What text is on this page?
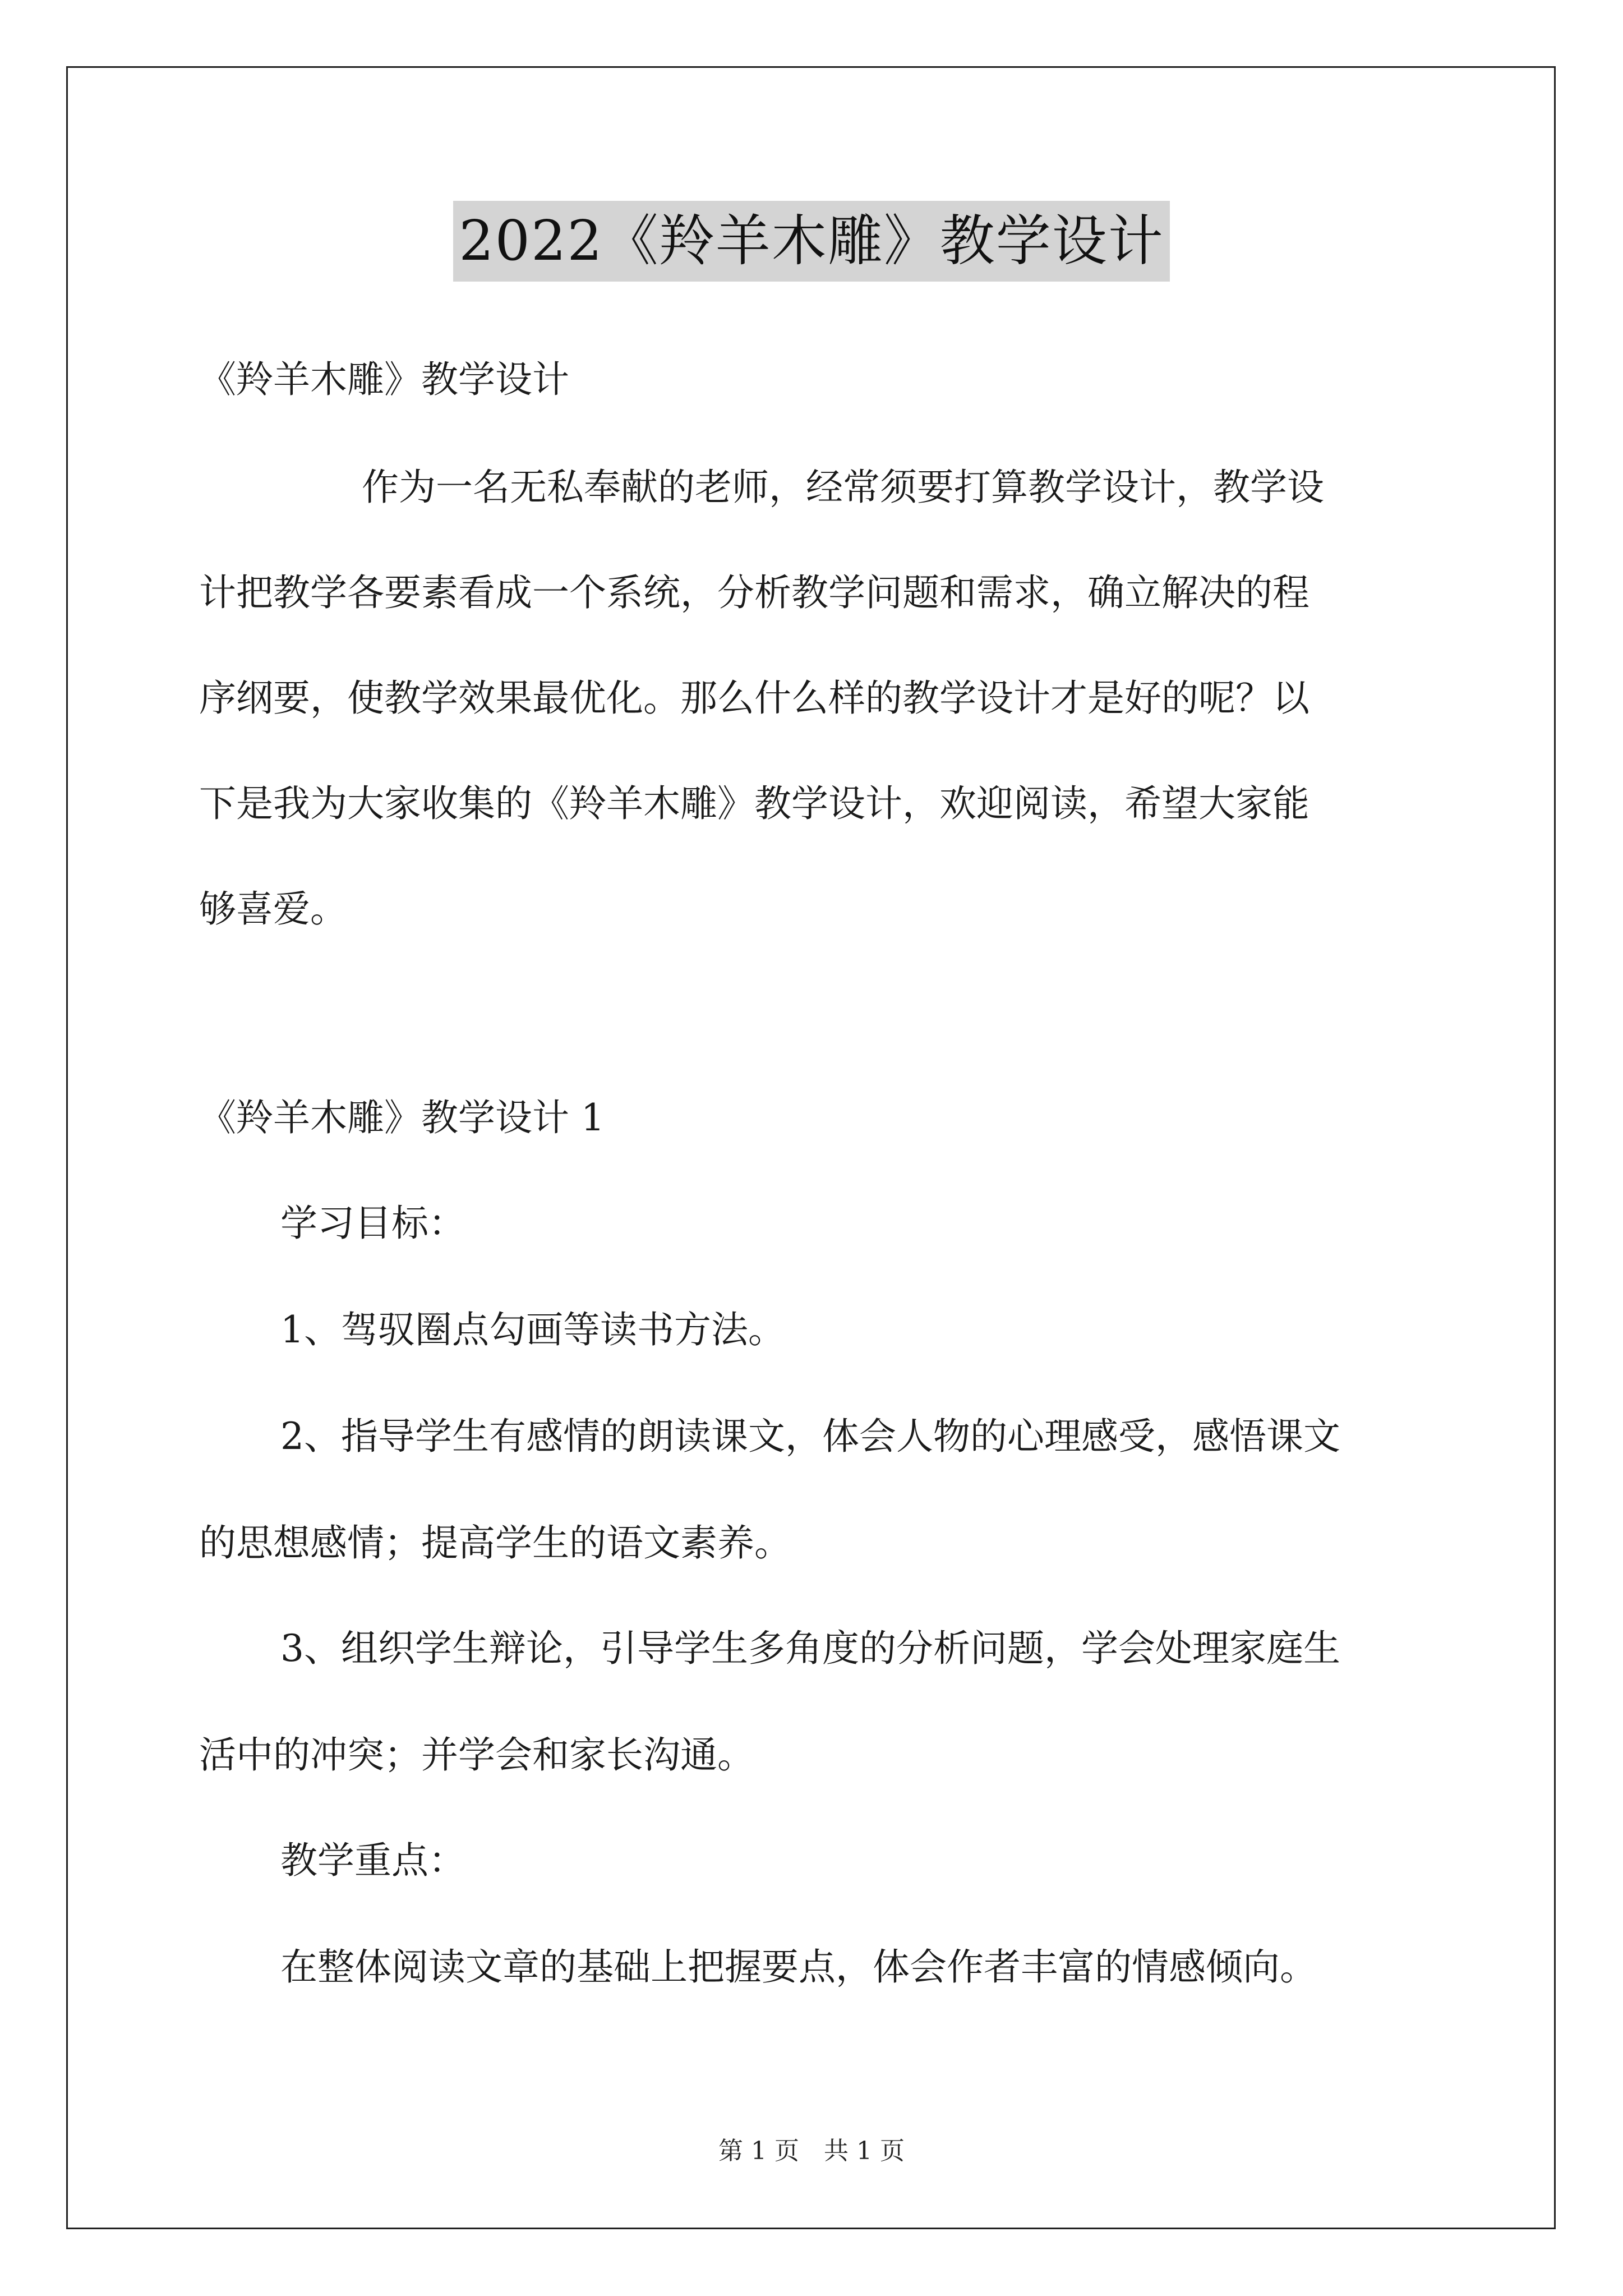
2022《羚羊木雕》教学设计
《羚羊木雕》教学设计
作为一名无私奉献的老师，经常须要打算教学设计，教学设
计把教学各要素看成一个系统，分析教学问题和需求，确立解决的程
序纲要，使教学效果最优化。那么什么样的教学设计才是好的呢？以
下是我为大家收集的《羚羊木雕》教学设计，欢迎阅读，希望大家能
够喜爱。
《羚羊木雕》教学设计 1
学习目标：
1、驾驭圈点勾画等读书方法。
2、指导学生有感情的朗读课文，体会人物的心理感受，感悟课文
的思想感情；提高学生的语文素养。
3、组织学生辩论，引导学生多角度的分析问题，学会处理家庭生
活中的冲突；并学会和家长沟通。
教学重点：
在整体阅读文章的基础上把握要点，体会作者丰富的情感倾向。
第 1 页　共 1 页
